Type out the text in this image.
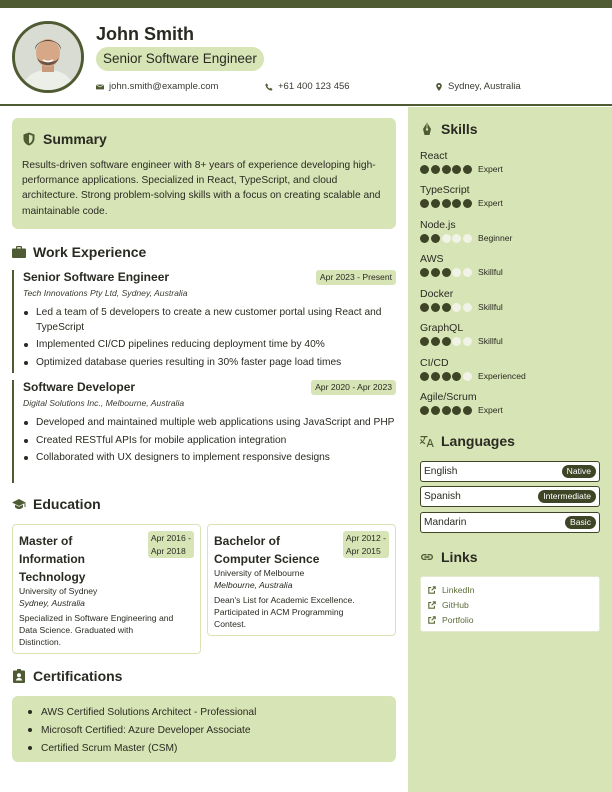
John Smith
Senior Software Engineer
john.smith@example.com	+61 400 123 456	Sydney, Australia
Summary
Results-driven software engineer with 8+ years of experience developing high-performance applications. Specialized in React, TypeScript, and cloud architecture. Strong problem-solving skills with a focus on creating scalable and maintainable code.
Work Experience
Senior Software Engineer	Apr 2023 - Present
Tech Innovations Pty Ltd, Sydney, Australia
Led a team of 5 developers to create a new customer portal using React and TypeScript
Implemented CI/CD pipelines reducing deployment time by 40%
Optimized database queries resulting in 30% faster page load times
Software Developer	Apr 2020 - Apr 2023
Digital Solutions Inc., Melbourne, Australia
Developed and maintained multiple web applications using JavaScript and PHP
Created RESTful APIs for mobile application integration
Collaborated with UX designers to implement responsive designs
Education
Master of
Information
Technology
Apr 2016 -
Apr 2018
University of Sydney
Sydney, Australia
Specialized in Software Engineering and
Data Science. Graduated with
Distinction.
Bachelor of
Computer Science
Apr 2012 -
Apr 2015
University of Melbourne
Melbourne, Australia
Dean's List for Academic Excellence.
Participated in ACM Programming
Contest.
Certifications
AWS Certified Solutions Architect - Professional
Microsoft Certified: Azure Developer Associate
Certified Scrum Master (CSM)
Skills
React
Expert
TypeScript
Expert
Node.js
Beginner
AWS
Skillful
Docker
Skillful
GraphQL
Skillful
CI/CD
Experienced
Agile/Scrum
Expert
Languages
English	Native
Spanish	Intermediate
Mandarin	Basic
Links
LinkedIn
GitHub
Portfolio
